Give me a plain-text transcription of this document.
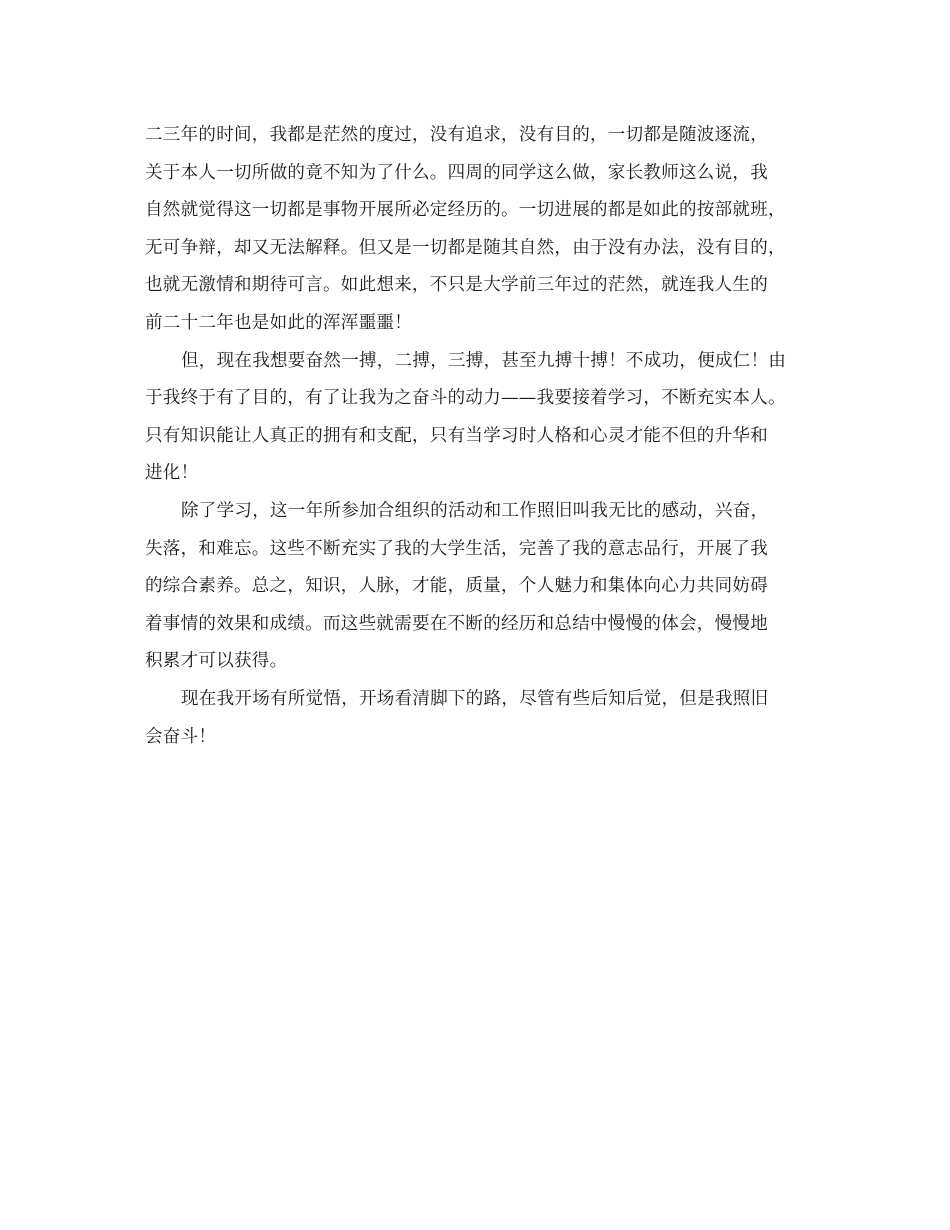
二三年的时间，我都是茫然的度过，没有追求，没有目的，一切都是随波逐流，
关于本人一切所做的竟不知为了什么。四周的同学这么做，家长教师这么说，我
自然就觉得这一切都是事物开展所必定经历的。一切进展的都是如此的按部就班，
无可争辩，却又无法解释。但又是一切都是随其自然，由于没有办法，没有目的，
也就无激情和期待可言。如此想来，不只是大学前三年过的茫然，就连我人生的
前二十二年也是如此的浑浑噩噩！
但，现在我想要奋然一搏，二搏，三搏，甚至九搏十搏！不成功，便成仁！由
于我终于有了目的，有了让我为之奋斗的动力——我要接着学习，不断充实本人。
只有知识能让人真正的拥有和支配，只有当学习时人格和心灵才能不但的升华和
进化！
除了学习，这一年所参加合组织的活动和工作照旧叫我无比的感动，兴奋，
失落，和难忘。这些不断充实了我的大学生活，完善了我的意志品行，开展了我
的综合素养。总之，知识，人脉，才能，质量，个人魅力和集体向心力共同妨碍
着事情的效果和成绩。而这些就需要在不断的经历和总结中慢慢的体会，慢慢地
积累才可以获得。
现在我开场有所觉悟，开场看清脚下的路，尽管有些后知后觉，但是我照旧
会奋斗！
